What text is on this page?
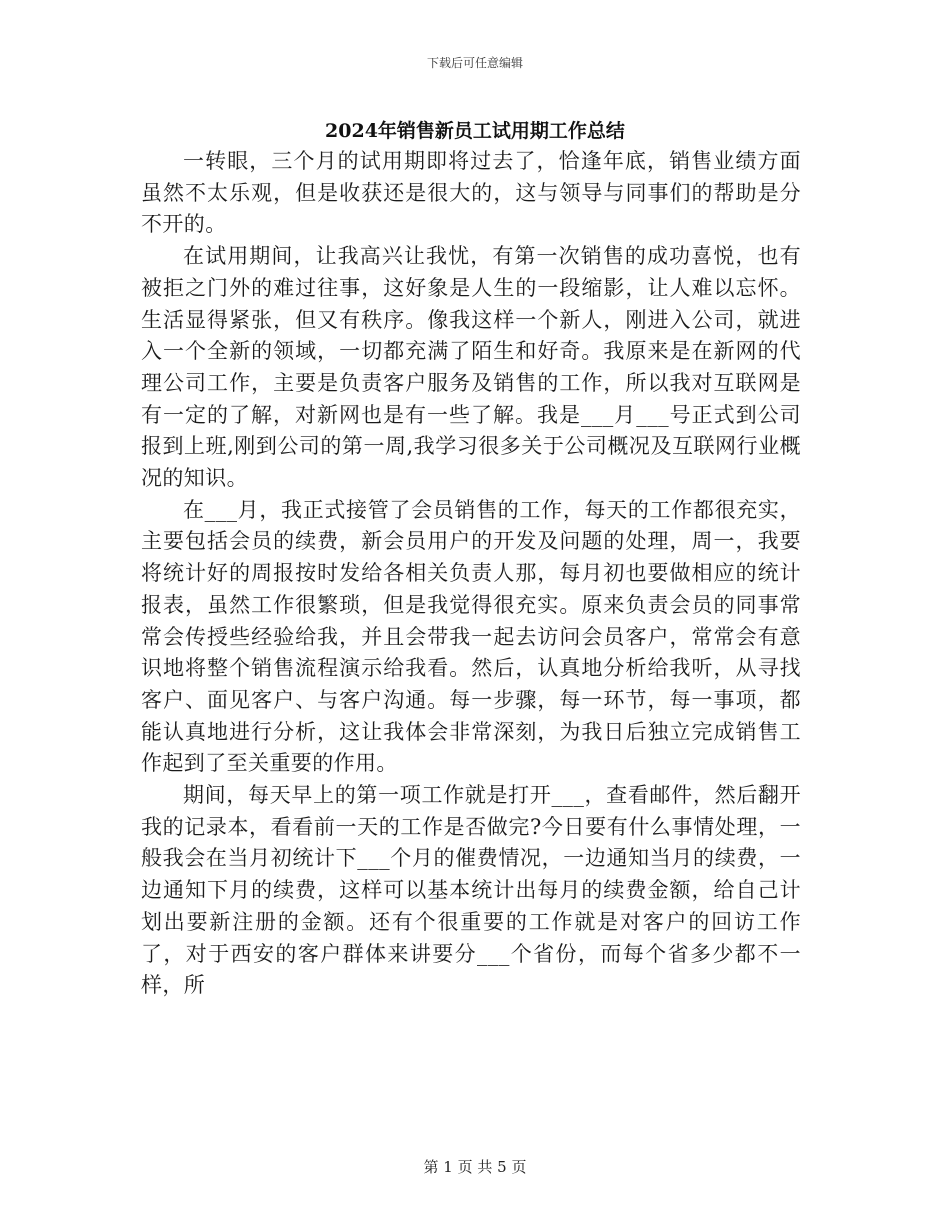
下载后可任意编辑
2024年销售新员工试用期工作总结

一转眼，三个月的试用期即将过去了，恰逢年底，销售业绩方面虽然不太乐观，但是收获还是很大的，这与领导与同事们的帮助是分不开的。

在试用期间，让我高兴让我忧，有第一次销售的成功喜悦，也有被拒之门外的难过往事，这好象是人生的一段缩影，让人难以忘怀。生活显得紧张，但又有秩序。像我这样一个新人，刚进入公司，就进入一个全新的领域，一切都充满了陌生和好奇。我原来是在新网的代理公司工作，主要是负责客户服务及销售的工作，所以我对互联网是有一定的了解，对新网也是有一些了解。我是___月___号正式到公司报到上班,刚到公司的第一周,我学习很多关于公司概况及互联网行业概况的知识。

在___月，我正式接管了会员销售的工作，每天的工作都很充实，主要包括会员的续费，新会员用户的开发及问题的处理，周一，我要将统计好的周报按时发给各相关负责人那，每月初也要做相应的统计报表，虽然工作很繁琐，但是我觉得很充实。原来负责会员的同事常常会传授些经验给我，并且会带我一起去访问会员客户，常常会有意识地将整个销售流程演示给我看。然后，认真地分析给我听，从寻找客户、面见客户、与客户沟通。每一步骤，每一环节，每一事项，都能认真地进行分析，这让我体会非常深刻，为我日后独立完成销售工作起到了至关重要的作用。

期间，每天早上的第一项工作就是打开___，查看邮件，然后翻开我的记录本，看看前一天的工作是否做完?今日要有什么事情处理，一般我会在当月初统计下___个月的催费情况，一边通知当月的续费，一边通知下月的续费，这样可以基本统计出每月的续费金额，给自己计划出要新注册的金额。还有个很重要的工作就是对客户的回访工作了，对于西安的客户群体来讲要分___个省份，而每个省多少都不一样，所

第 1 页 共 5 页
